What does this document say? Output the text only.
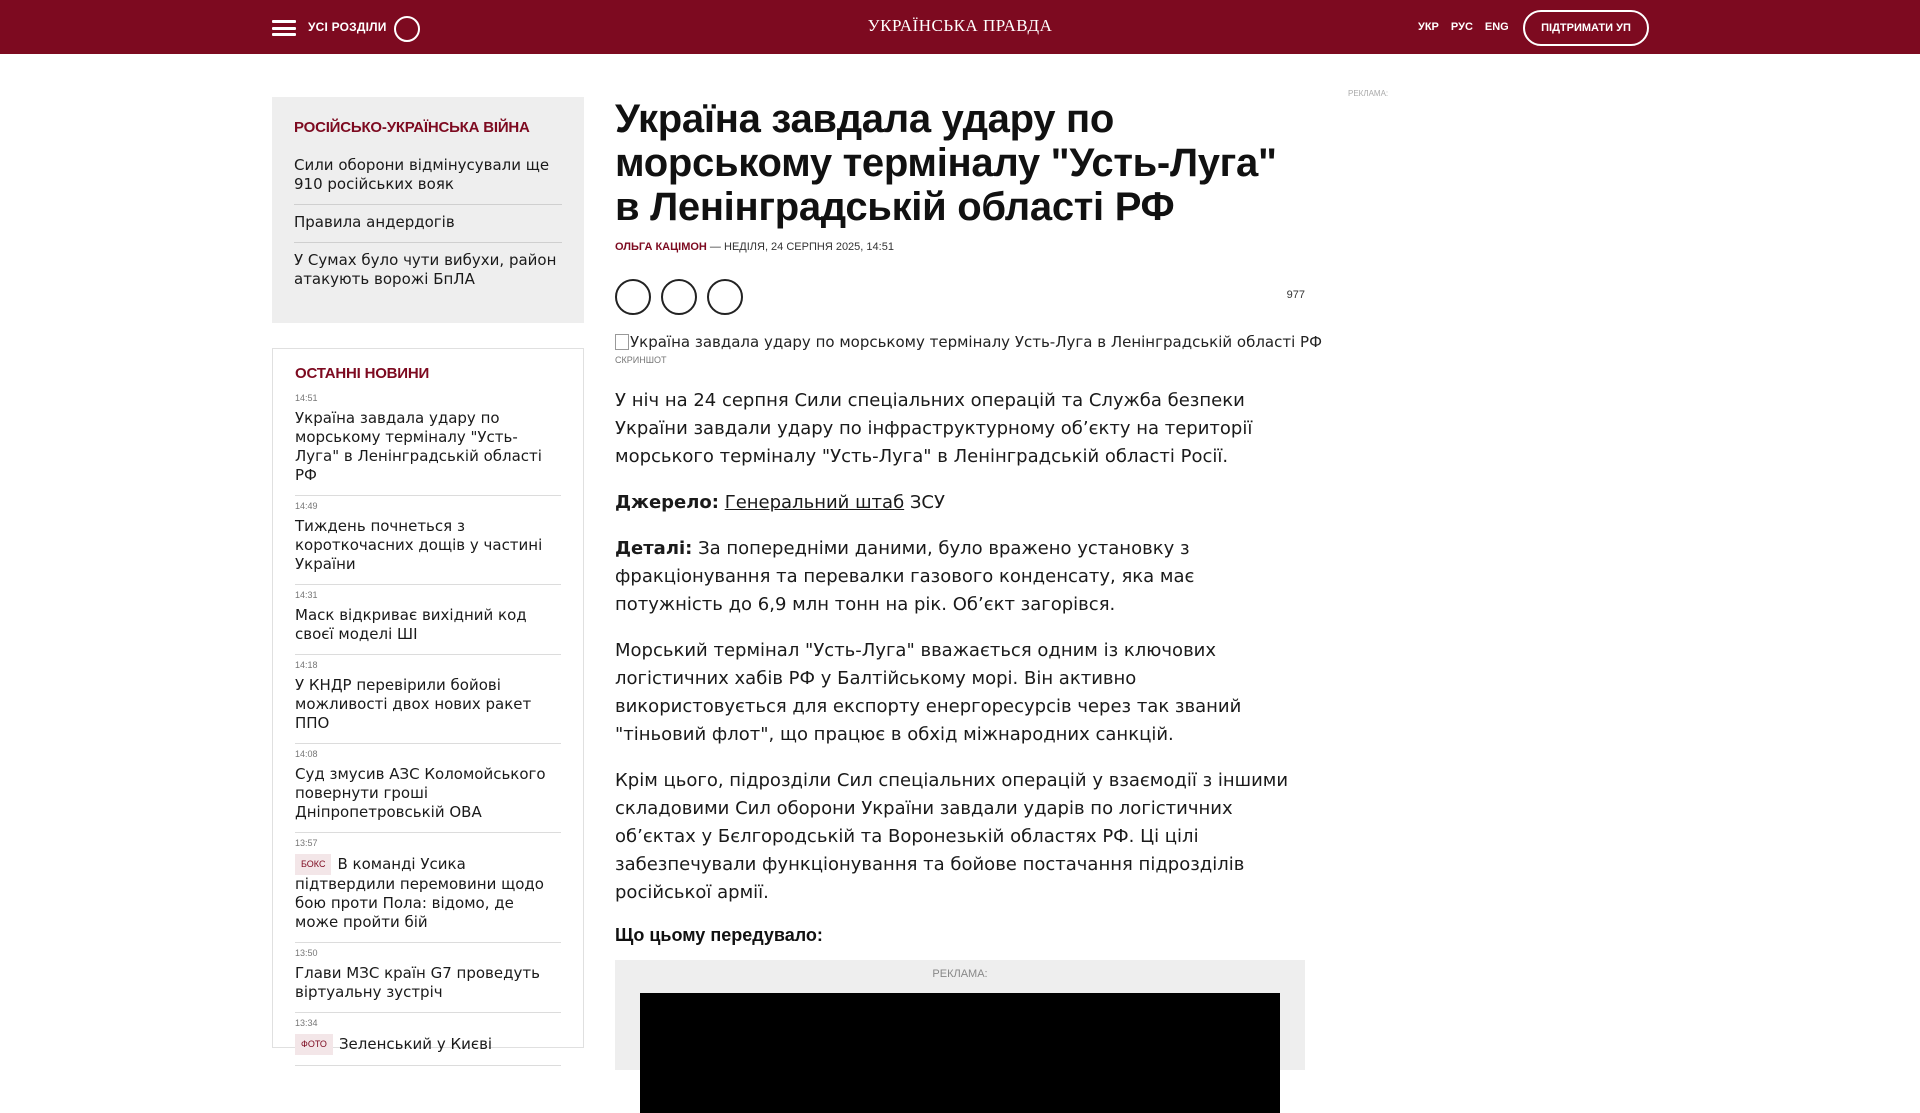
УСІ РОЗДІЛИ	УКРАЇНСЬКА ПРАВДА	УКР РУС ENG	ПІДТРИМАТИ УП
РОСІЙСЬКО-УКРАЇНСЬКА ВІЙНА
Сили оборони відмінусували ще 910 російських вояк
Правила андердогів
У Сумах було чути вибухи, район атакують ворожі БпЛА
ОСТАННІ НОВИНИ
14:51
Україна завдала удару по морському терміналу "Усть-Луга" в Ленінградській області РФ
14:49
Тиждень почнеться з короткочасних дощів у частині України
14:31
Маск відкриває вихідний код своєї моделі ШІ
14:18
У КНДР перевірили бойові можливості двох нових ракет ППО
14:08
Суд змусив АЗС Коломойського повернути гроші Дніпропетровській ОВА
13:57
БОКС В команді Усика підтвердили перемовини щодо бою проти Пола: відомо, де може пройти бій
13:50
Глави МЗС країн G7 проведуть віртуальну зустріч
13:34
ФОТО Зеленський у Києві
Україна завдала удару по морському терміналу "Усть-Луга" в Ленінградській області РФ
ОЛЬГА КАЦІМОН — НЕДІЛЯ, 24 СЕРПНЯ 2025, 14:51
977
Україна завдала удару по морському терміналу Усть-Луга в Ленінградській області РФ
СКРИНШОТ

У ніч на 24 серпня Сили спеціальних операцій та Служба безпеки України завдали удару по інфраструктурному об’єкту на території морського терміналу "Усть-Луга" в Ленінградській області Росії.

Джерело: Генеральний штаб ЗСУ

Деталі: За попередніми даними, було вражено установку з фракціонування та перевалки газового конденсату, яка має потужність до 6,9 млн тонн на рік. Об’єкт загорівся.

Морський термінал "Усть-Луга" вважається одним із ключових логістичних хабів РФ у Балтійському морі. Він активно використовується для експорту енергоресурсів через так званий "тіньовий флот", що працює в обхід міжнародних санкцій.

Крім цього, підрозділи Сил спеціальних операцій у взаємодії з іншими складовими Сил оборони України завдали ударів по логістичних об’єктах у Бєлгородській та Воронезькій областях РФ. Ці цілі забезпечували функціонування та бойове постачання підрозділів російської армії.

Що цьому передувало:
РЕКЛАМА:
РЕКЛАМА:
